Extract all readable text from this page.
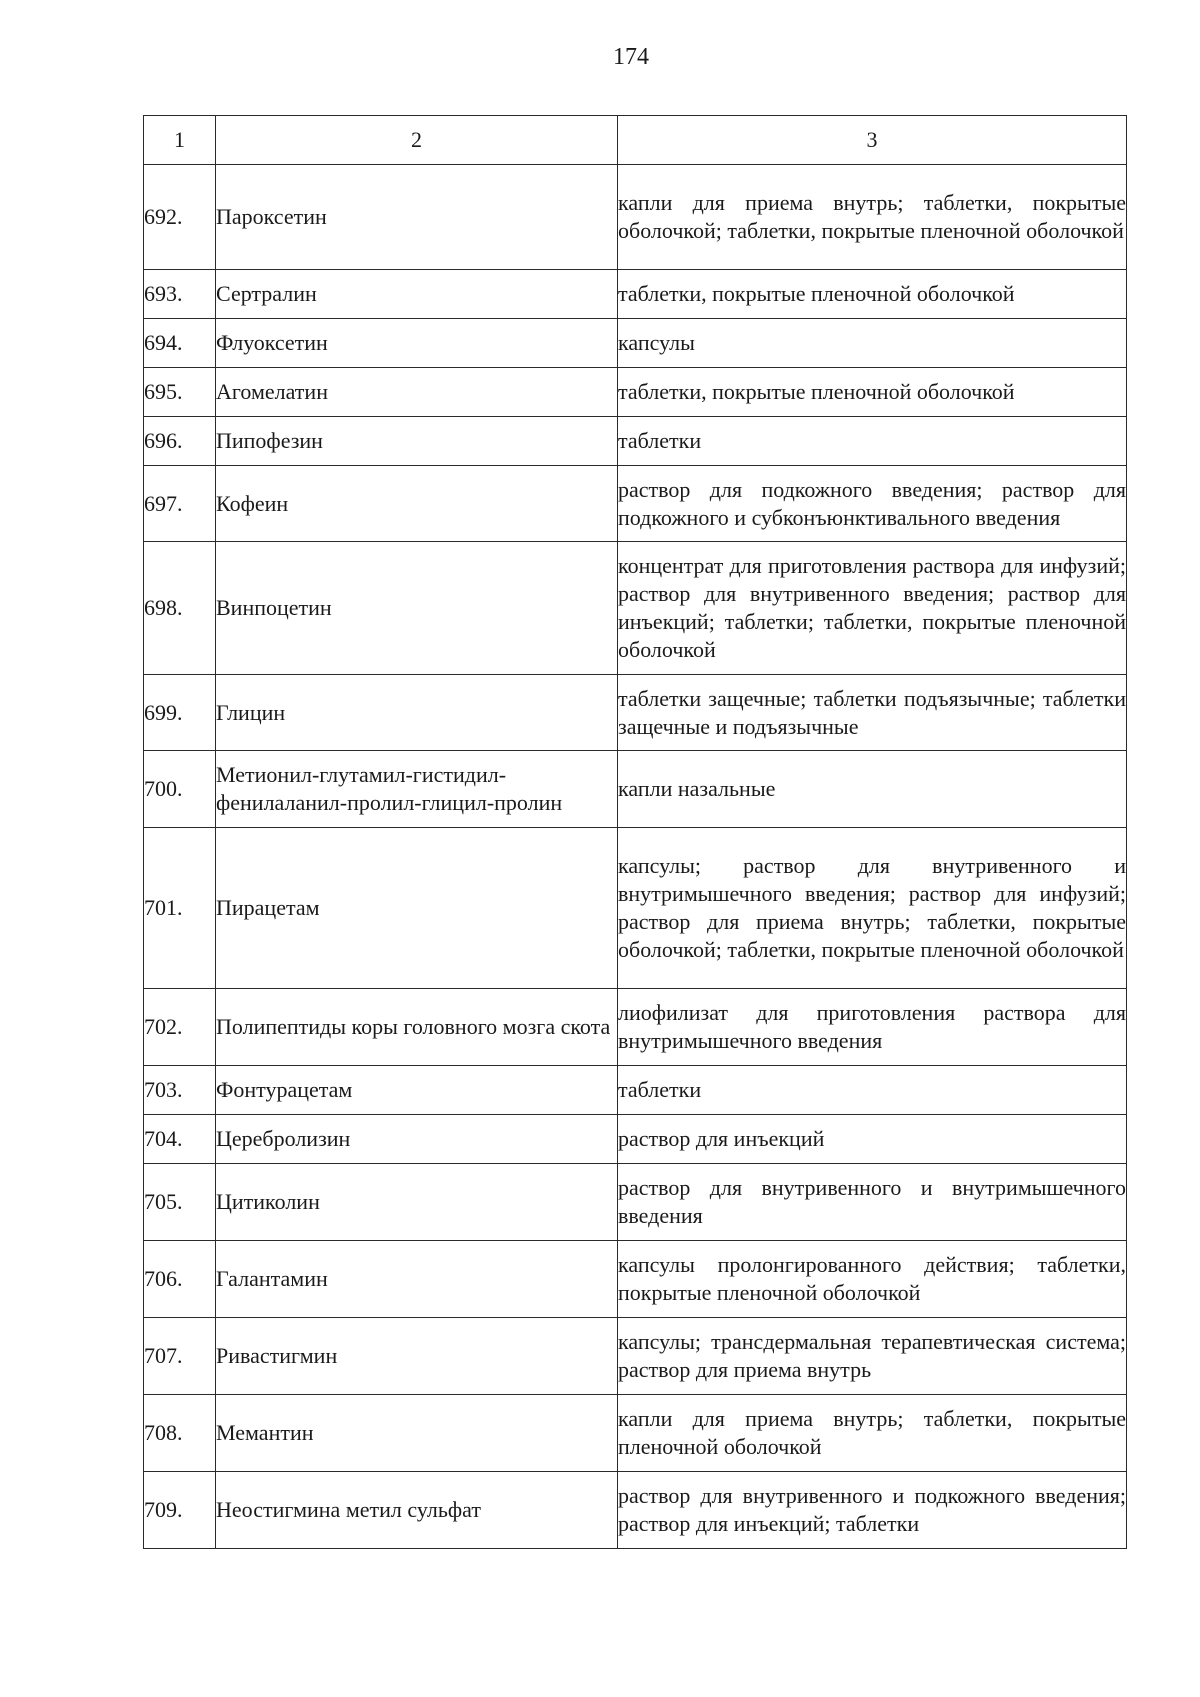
174
1	2	3
692.	Пароксетин	капли для приема внутрь; таблетки, покрытые оболочкой; таблетки, покрытые пленочной оболочкой
693.	Сертралин	таблетки, покрытые пленочной оболочкой
694.	Флуоксетин	капсулы
695.	Агомелатин	таблетки, покрытые пленочной оболочкой
696.	Пипофезин	таблетки
697.	Кофеин	раствор для подкожного введения; раствор для подкожного и субконъюнктивального введения
698.	Винпоцетин	концентрат для приготовления раствора для инфузий; раствор для внутривенного введения; раствор для инъекций; таблетки; таблетки, покрытые пленочной оболочкой
699.	Глицин	таблетки защечные; таблетки подъязычные; таблетки защечные и подъязычные
700.	Метионил-глутамил-гистидил-фенилаланил-пролил-глицил-пролин	капли назальные
701.	Пирацетам	капсулы; раствор для внутривенного и внутримышечного введения; раствор для инфузий; раствор для приема внутрь; таблетки, покрытые оболочкой; таблетки, покрытые пленочной оболочкой
702.	Полипептиды коры головного мозга скота	лиофилизат для приготовления раствора для внутримышечного введения
703.	Фонтурацетам	таблетки
704.	Церебролизин	раствор для инъекций
705.	Цитиколин	раствор для внутривенного и внутримышечного введения
706.	Галантамин	капсулы пролонгированного действия; таблетки, покрытые пленочной оболочкой
707.	Ривастигмин	капсулы; трансдермальная терапевтическая система; раствор для приема внутрь
708.	Мемантин	капли для приема внутрь; таблетки, покрытые пленочной оболочкой
709.	Неостигмина метил сульфат	раствор для внутривенного и подкожного введения; раствор для инъекций; таблетки
